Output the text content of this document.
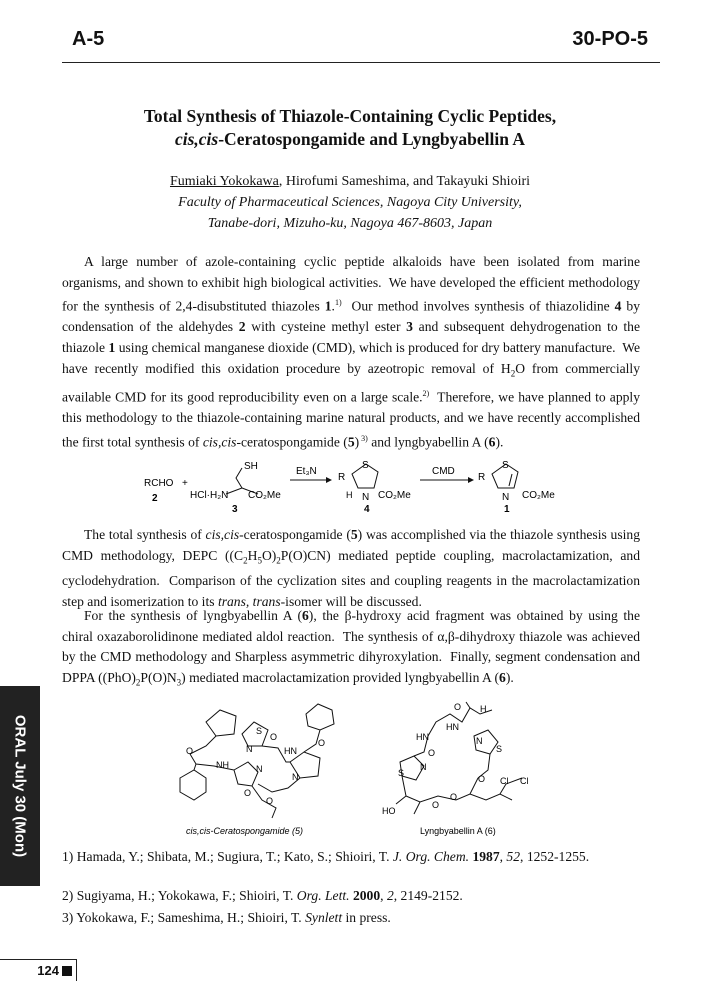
A-5	30-PO-5
Total Synthesis of Thiazole-Containing Cyclic Peptides,
cis,cis-Ceratospongamide and Lyngbyabellin A
Fumiaki Yokokawa, Hirofumi Sameshima, and Takayuki Shioiri
Faculty of Pharmaceutical Sciences, Nagoya City University,
Tanabe-dori, Mizuho-ku, Nagoya 467-8603, Japan
A large number of azole-containing cyclic peptide alkaloids have been isolated from marine organisms, and shown to exhibit high biological activities.  We have developed the efficient methodology for the synthesis of 2,4-disubstituted thiazoles 1.$^{1)}$  Our method involves synthesis of thiazolidine 4 by condensation of the aldehydes 2 with cysteine methyl ester 3 and subsequent dehydrogenation to the thiazole 1 using chemical manganese dioxide (CMD), which is produced for dry battery manufacture.  We have recently modified this oxidation procedure by azeotropic removal of $H_2O$ from commercially available CMD for its good reproducibility even on a large scale.$^{2)}$  Therefore, we have planned to apply this methodology to the thiazole-containing marine natural products, and we have recently accomplished the first total synthesis of cis,cis-ceratospongamide (5) $^{3)}$ and lyngbyabellin A (6).
RCHO +
2
SH
HCl·H₂N CO₂Me
3
Et₃N
R
S
H N CO₂Me
4
CMD
R
S
N CO₂Me
1
The total synthesis of cis,cis-ceratospongamide (5) was accomplished via the thiazole synthesis using CMD methodology, DEPC $((C_2H_5O)_2P(O)CN)$ mediated peptide coupling, macrolactamization, and cyclodehydration.  Comparison of the cyclization sites and coupling reagents in the macrolactamization step and isomerization to its trans, trans-isomer will be discussed.
For the synthesis of lyngbyabellin A (6), the β-hydroxy acid fragment was obtained by using the chiral oxazaborolidinone mediated aldol reaction.  The synthesis of α,β-dihydroxy thiazole was achieved by the CMD methodology and Sharpless asymmetric dihyroxylation.  Finally, segment condensation and DPPA $((PhO)_2P(O)N_3)$ mediated macrolactamization provided lyngbyabellin A (6).
O
NH
S
N	HN
O
O
N
N
O
O
cis,cis-Ceratospongamide (5)
H
HN
HN
O
O
N
S
S
N
O
O
O
HO
Cl Cl
Lyngbyabellin A (6)
1) Hamada, Y.; Shibata, M.; Sugiura, T.; Kato, S.; Shioiri, T. J. Org. Chem. 1987, 52, 1252-1255.
2) Sugiyama, H.; Yokokawa, F.; Shioiri, T. Org. Lett. 2000, 2, 2149-2152.
3) Yokokawa, F.; Sameshima, H.; Shioiri, T. Synlett in press.
ORAL July 30 (Mon)
124
